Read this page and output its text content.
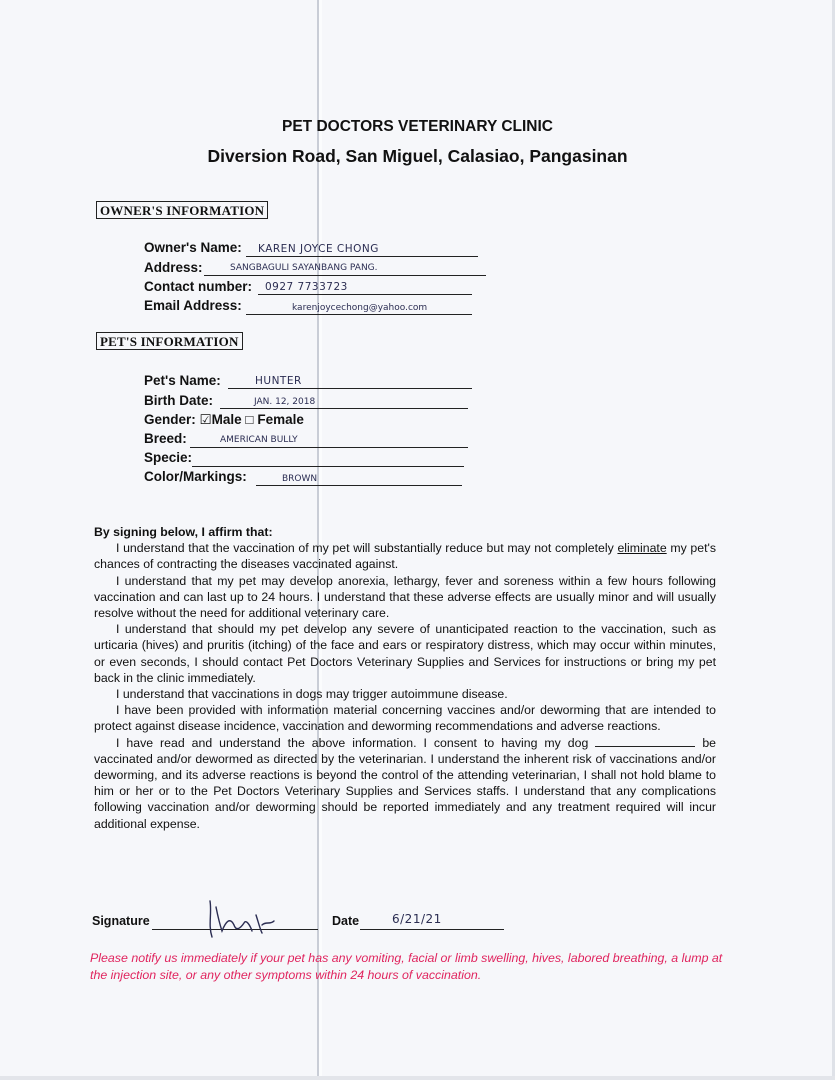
PET DOCTORS VETERINARY CLINIC
Diversion Road, San Miguel, Calasiao, Pangasinan
OWNER'S INFORMATION
Owner's Name: KAREN JOYCE CHONG
Address:	SANGBAGULI SAYANBANG PANG.
Contact number: 0927 7733723
Email Address:	karenjoycechong@yahoo.com
PET'S INFORMATION
Pet's Name:	HUNTER
Birth Date:	JAN. 12, 2018
Gender: ☑Male □ Female
Breed:	AMERICAN BULLY
Specie:
Color/Markings:	BROWN

By signing below, I affirm that:

I understand that the vaccination of my pet will substantially reduce but may not completely eliminate my pet's chances of contracting the diseases vaccinated against.

I understand that my pet may develop anorexia, lethargy, fever and soreness within a few hours following vaccination and can last up to 24 hours. I understand that these adverse effects are usually minor and will usually resolve without the need for additional veterinary care.

I understand that should my pet develop any severe of unanticipated reaction to the vaccination, such as urticaria (hives) and pruritis (itching) of the face and ears or respiratory distress, which may occur within minutes, or even seconds, I should contact Pet Doctors Veterinary Supplies and Services for instructions or bring my pet back in the clinic immediately.

I understand that vaccinations in dogs may trigger autoimmune disease.

I have been provided with information material concerning vaccines and/or deworming that are intended to protect against disease incidence, vaccination and deworming recommendations and adverse reactions.

I have read and understand the above information. I consent to having my dog	be vaccinated and/or dewormed as directed by the veterinarian. I understand the inherent risk of vaccinations and/or deworming, and its adverse reactions is beyond the control of the attending veterinarian, I shall not hold blame to him or her or to the Pet Doctors Veterinary Supplies and Services staffs. I understand that any complications following vaccination and/or deworming should be reported immediately and any treatment required will incur additional expense.

Signature	Date	6/21/21
Please notify us immediately if your pet has any vomiting, facial or limb swelling, hives, labored breathing, a lump at the injection site, or any other symptoms within 24 hours of vaccination.
